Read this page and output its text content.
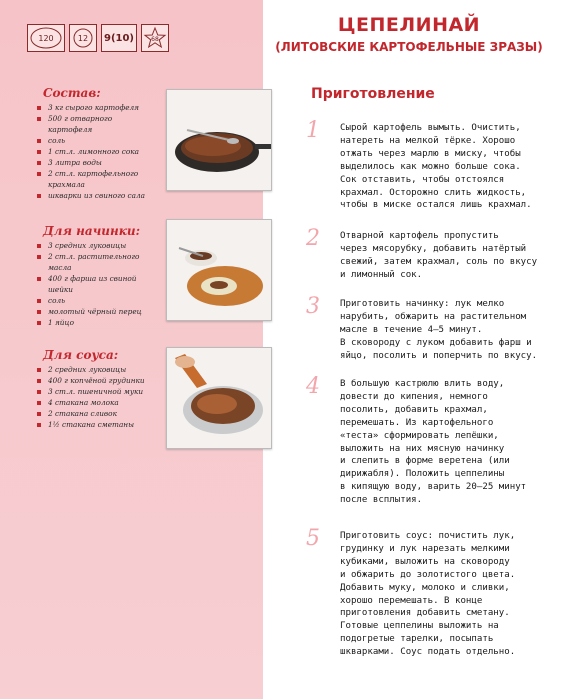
120	12 9(10)	68
ЦЕПЕЛИНАЙ
(ЛИТОВСКИЕ КАРТОФЕЛЬНЫЕ ЗРАЗЫ)
Приготовление
Состав:
3 кг сырого картофеля
500 г отварного картофеля
соль
1 ст.л. лимонного сока
3 литра воды
2 ст.л. картофельного крахмала
шкварки из свиного сала
Для начинки:
3 средних луковицы
2 ст.л. растительного масла
400 г фарша из свиной шейки
соль
молотый чёрный перец
1 яйцо
Для соуса:
2 средних луковицы
400 г копчёной грудинки
3 ст.л. пшеничной муки
4 стакана молока
2 стакана сливок
1½ стакана сметаны
1 Сырой картофель вымыть. Очистить,
натереть на мелкой тёрке. Хорошо
отжать через марлю в миску, чтобы
выделилось как можно больше сока.
Сок отставить, чтобы отстоялся
крахмал. Осторожно слить жидкость,
чтобы в миске остался лишь крахмал.
2 Отварной картофель пропустить
через мясорубку, добавить натёртый
свежий, затем крахмал, соль по вкусу
и лимонный сок.
3 Приготовить начинку: лук мелко
нарубить, обжарить на растительном
масле в течение 4–5 минут.
В сковороду с луком добавить фарш и
яйцо, посолить и поперчить по вкусу.
4 В большую кастрюлю влить воду,
довести до кипения, немного
посолить, добавить крахмал,
перемешать. Из картофельного
«теста» сформировать лепёшки,
выложить на них мясную начинку
и слепить в форме веретена (или
дирижабля). Положить цеппелины
в кипящую воду, варить 20–25 минут
после всплытия.
5 Приготовить соус: почистить лук,
грудинку и лук нарезать мелкими
кубиками, выложить на сковороду
и обжарить до золотистого цвета.
Добавить муку, молоко и сливки,
хорошо перемешать. В конце
приготовления добавить сметану.
Готовые цеппелины выложить на
подогретые тарелки, посыпать
шкварками. Соус подать отдельно.
